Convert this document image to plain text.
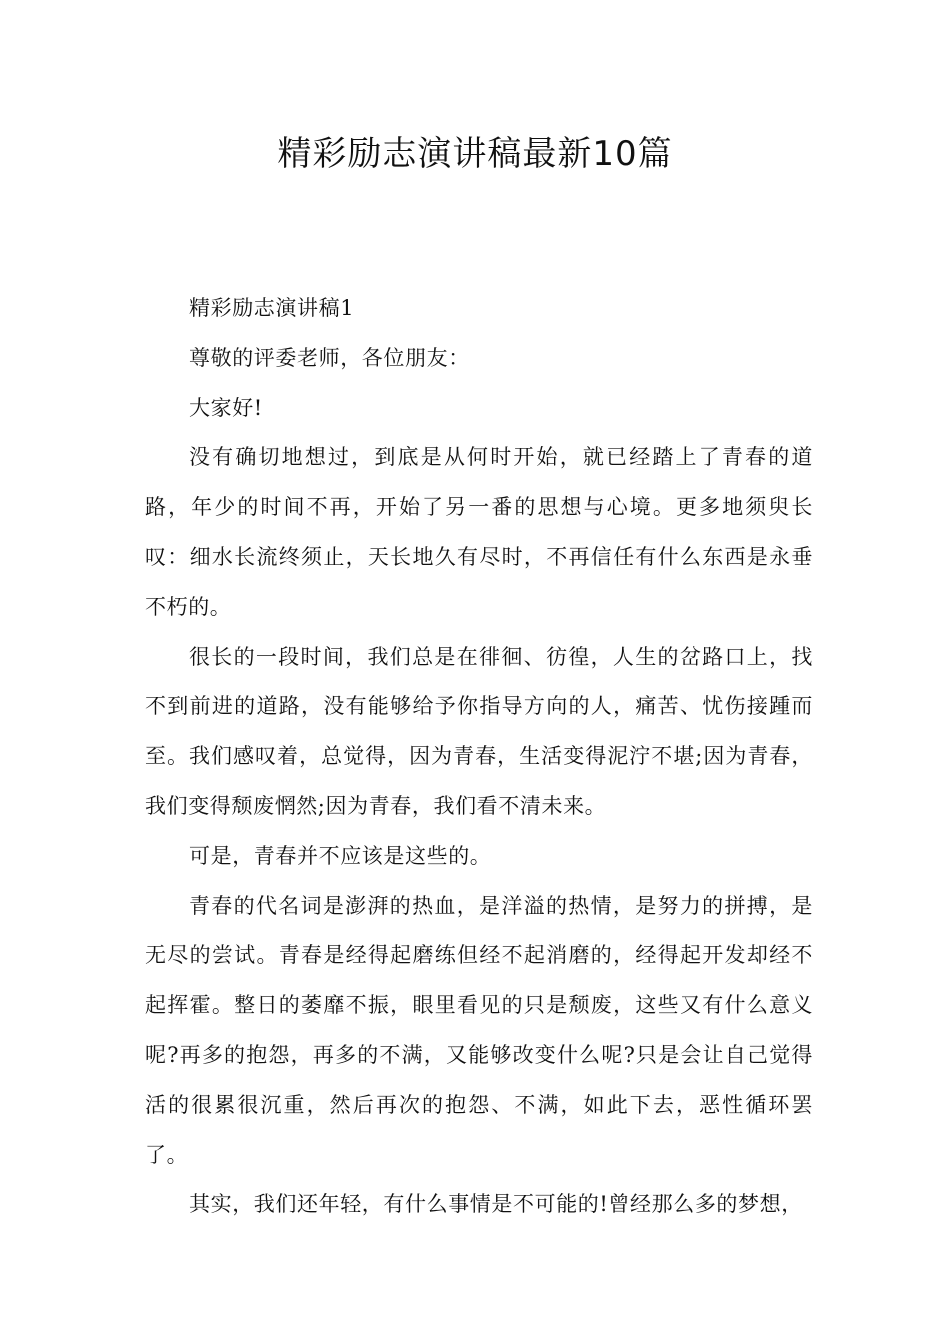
精彩励志演讲稿最新10篇

精彩励志演讲稿1

尊敬的评委老师，各位朋友：

大家好!

没有确切地想过，到底是从何时开始，就已经踏上了青春的道路，年少的时间不再，开始了另一番的思想与心境。更多地须臾长叹：细水长流终须止，天长地久有尽时，不再信任有什么东西是永垂不朽的。

很长的一段时间，我们总是在徘徊、彷徨，人生的岔路口上，找不到前进的道路，没有能够给予你指导方向的人，痛苦、忧伤接踵而至。我们感叹着，总觉得，因为青春，生活变得泥泞不堪;因为青春，我们变得颓废惘然;因为青春，我们看不清未来。

可是，青春并不应该是这些的。

青春的代名词是澎湃的热血，是洋溢的热情，是努力的拼搏，是无尽的尝试。青春是经得起磨练但经不起消磨的，经得起开发却经不起挥霍。整日的萎靡不振，眼里看见的只是颓废，这些又有什么意义呢?再多的抱怨，再多的不满，又能够改变什么呢?只是会让自己觉得活的很累很沉重，然后再次的抱怨、不满，如此下去，恶性循环罢了。

其实，我们还年轻，有什么事情是不可能的!曾经那么多的梦想，
